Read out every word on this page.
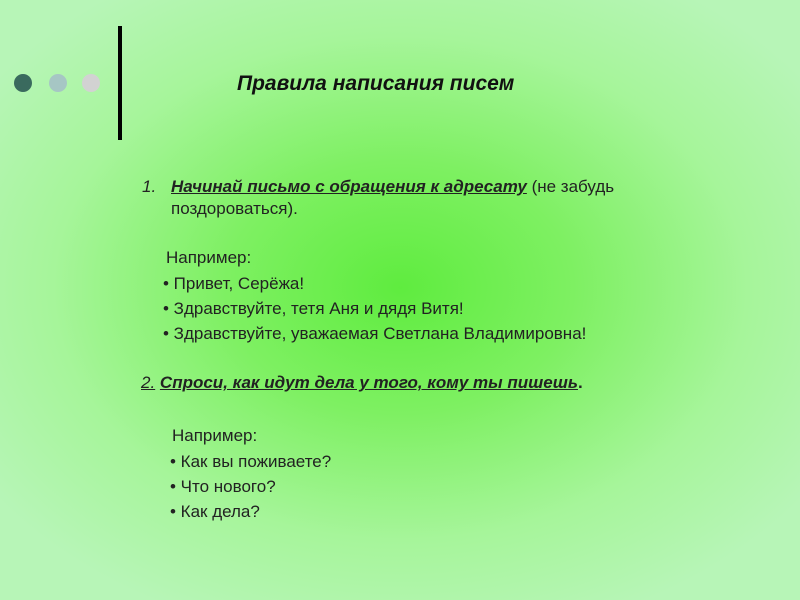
Правила написания писем
1. Начинай письмо с обращения к адресату (не забудь поздороваться).
Например:
• Привет, Серёжа!
• Здравствуйте, тетя Аня и дядя Витя!
• Здравствуйте, уважаемая Светлана Владимировна!
2. Спроси, как идут дела у того, кому ты пишешь.
Например:
• Как вы поживаете?
• Что нового?
• Как дела?
